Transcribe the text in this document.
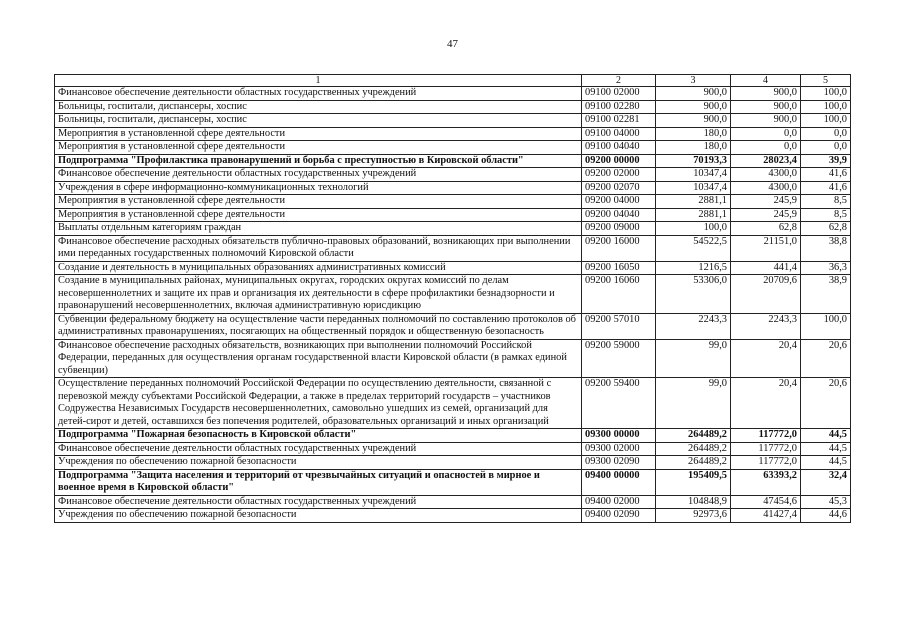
47
1	2	3	4	5
Финансовое обеспечение деятельности областных государственных учреждений	09100 02000	900,0	900,0	100,0
Больницы, госпитали, диспансеры, хоспис	09100 02280	900,0	900,0	100,0
Больницы, госпитали, диспансеры, хоспис	09100 02281	900,0	900,0	100,0
Мероприятия в установленной сфере деятельности	09100 04000	180,0	0,0	0,0
Мероприятия в установленной сфере деятельности	09100 04040	180,0	0,0	0,0
Подпрограмма "Профилактика правонарушений и борьба с преступностью в Кировской области"	09200 00000	70193,3	28023,4	39,9
Финансовое обеспечение деятельности областных государственных учреждений	09200 02000	10347,4	4300,0	41,6
Учреждения в сфере информационно-коммуникационных технологий	09200 02070	10347,4	4300,0	41,6
Мероприятия в установленной сфере деятельности	09200 04000	2881,1	245,9	8,5
Мероприятия в установленной сфере деятельности	09200 04040	2881,1	245,9	8,5
Выплаты отдельным категориям граждан	09200 09000	100,0	62,8	62,8
Финансовое обеспечение расходных обязательств публично-правовых образований, возникающих при выполнении ими переданных государственных полномочий Кировской области	09200 16000	54522,5	21151,0	38,8
Создание и деятельность в муниципальных образованиях административных комиссий	09200 16050	1216,5	441,4	36,3
Создание в муниципальных районах, муниципальных округах, городских округах комиссий по делам несовершеннолетних и защите их прав и организация их деятельности в сфере профилактики безнадзорности и правонарушений несовершеннолетних, включая административную юрисдикцию	09200 16060	53306,0	20709,6	38,9
Субвенции федеральному бюджету на осуществление части переданных полномочий по составлению протоколов об административных правонарушениях, посягающих на общественный порядок и общественную безопасность	09200 57010	2243,3	2243,3	100,0
Финансовое обеспечение расходных обязательств, возникающих при выполнении полномочий Российской Федерации, переданных для осуществления органам государственной власти Кировской области (в рамках единой субвенции)	09200 59000	99,0	20,4	20,6
Осуществление переданных полномочий Российской Федерации по осуществлению деятельности, связанной с перевозкой между субъектами Российской Федерации, а также в пределах территорий государств – участников Содружества Независимых Государств несовершеннолетних, самовольно ушедших из семей, организаций для детей-сирот и детей, оставшихся без попечения родителей, образовательных организаций и иных организаций	09200 59400	99,0	20,4	20,6
Подпрограмма "Пожарная безопасность в Кировской области"	09300 00000	264489,2	117772,0	44,5
Финансовое обеспечение деятельности областных государственных учреждений	09300 02000	264489,2	117772,0	44,5
Учреждения по обеспечению пожарной безопасности	09300 02090	264489,2	117772,0	44,5
Подпрограмма "Защита населения и территорий от чрезвычайных ситуаций и опасностей в мирное и военное время в Кировской области"	09400 00000	195409,5	63393,2	32,4
Финансовое обеспечение деятельности областных государственных учреждений	09400 02000	104848,9	47454,6	45,3
Учреждения по обеспечению пожарной безопасности	09400 02090	92973,6	41427,4	44,6
